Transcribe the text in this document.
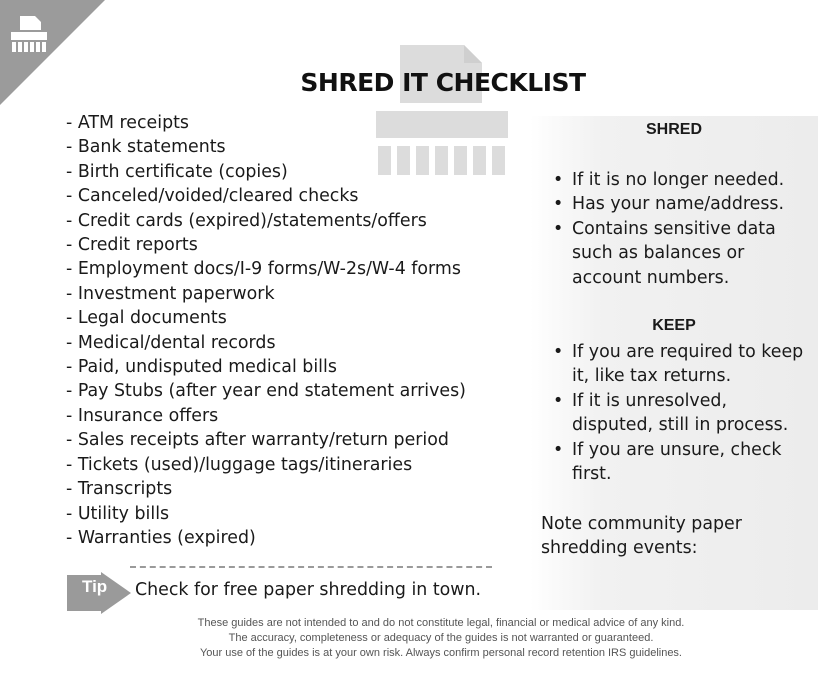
SHRED IT CHECKLIST
- ATM receipts
- Bank statements
- Birth certificate (copies)
- Canceled/voided/cleared checks
- Credit cards (expired)/statements/offers
- Credit reports
- Employment docs/I-9 forms/W-2s/W-4 forms
- Investment paperwork
- Legal documents
- Medical/dental records
- Paid, undisputed medical bills
- Pay Stubs (after year end statement arrives)
- Insurance offers
- Sales receipts after warranty/return period
- Tickets (used)/luggage tags/itineraries
- Transcripts
- Utility bills
- Warranties (expired)
SHRED
• If it is no longer needed.
• Has your name/address.
• Contains sensitive data such as balances or account numbers.
KEEP
• If you are required to keep it, like tax returns.
• If it is unresolved, disputed, still in process.
• If you are unsure, check first.
Note community paper shredding events:
Tip Check for free paper shredding in town.
These guides are not intended to and do not constitute legal, financial or medical advice of any kind.
The accuracy, completeness or adequacy of the guides is not warranted or guaranteed.
Your use of the guides is at your own risk. Always confirm personal record retention IRS guidelines.
